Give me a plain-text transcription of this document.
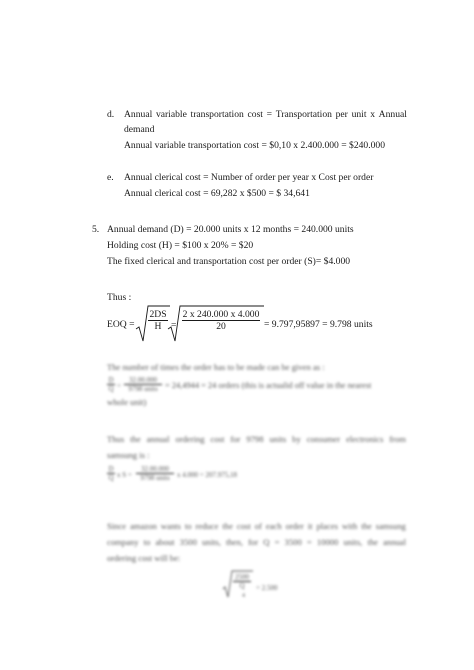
d. Annual variable transportation cost = Transportation per unit x Annual
demand
Annual variable transportation cost = $0,10 x 2.400.000 = $240.000
e. Annual clerical cost = Number of order per year x Cost per order
Annual clerical cost = 69,282 x $500 = $ 34,641
5. Annual demand (D) = 20.000 units x 12 months = 240.000 units
Holding cost (H) = $100 x 20% = $20
The fixed clerical and transportation cost per order (S)= $4.000
Thus :
EOQ =
2DS
H =
2 x 240.000 x 4.000
20	= 9.797,95897 = 9.798 units
The number of times the order has to be made can be given as :
D
Q =
32.00.000
9798 units = 24,4944 = 24 orders (this is actualid off value in the nearest
whole unit)
Thus the annual ordering cost for 9798 units by consumer electronics from
samsung is :
D
Q x S =
32.00.000
9798 units x 4.000 = 207.975,18
Since amazon wants to reduce the cost of each order it places with the samsung
company to about 3500 units, then, for Q = 3500 = 10000 units, the annual
ordering cost will be:
2500
Q
4
= 2.500
